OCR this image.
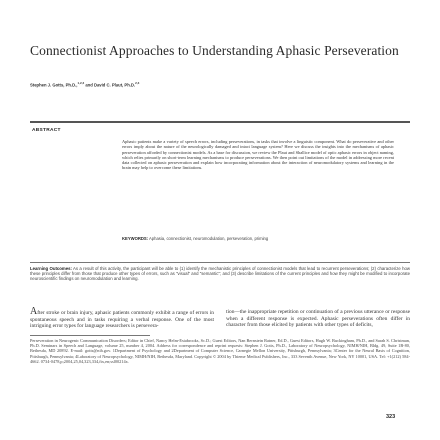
Connectionist Approaches to Understanding Aphasic Perseveration
Stephen J. Gotts, Ph.D.,$^{1,2,3}$ and David C. Plaut, Ph.D.$^{2,3}$
ABSTRACT
Aphasic patients make a variety of speech errors, including perseverations, in tasks that involve a linguistic component. What do perseverative and other errors imply about the nature of the neurologically damaged and intact language system? Here we discuss the insights into the mechanisms of aphasic perseveration afforded by connectionist models. As a base for discussion, we review the Plaut and Shallice model of optic aphasic errors in object naming, which relies primarily on short-term learning mechanisms to produce perseverations. We then point out limitations of the model in addressing more recent data collected on aphasic perseveration and explain how incorporating information about the interaction of neuromodulatory systems and learning in the brain may help to overcome these limitations.
KEYWORDS: Aphasia, connectionist, neuromodulation, perseveration, priming
Learning Outcomes: As a result of this activity, the participant will be able to (1) identify the mechanistic principles of connectionist models that lead to recurrent perseverations; (2) characterize how these principles differ from those that produce other types of errors, such as "visual" and "semantic"; and (3) describe limitations of the current principles and how they might be modified to incorporate neuroscientific findings on neuromodulation and learning.
After stroke or brain injury, aphasic patients commonly exhibit a range of errors in spontaneous speech and in tasks requiring a verbal response. One of the most intriguing error types for language researchers is persevera-
tion—the inappropriate repetition or continuation of a previous utterance or response when a different response is expected. Aphasic perseverations often differ in character from those elicited by patients with other types of deficits,
Perseveration in Neurogenic Communication Disorders; Editor in Chief, Nancy Helm-Estabrooks, Sc.D.; Guest Editors, Nan Bernstein Ratner, Ed.D., Guest Editors, Hugh W. Buckingham, Ph.D., and Sarah S. Christman, Ph.D. Seminars in Speech and Language, volume 25, number 4, 2004. Address for correspondence and reprint requests: Stephen J. Gotts, Ph.D., Laboratory of Neuropsychology, NIMH/NIH, Bldg. 49, Suite 1B-80, Bethesda, MD 20892. E-mail: gotts@nih.gov. 1Department of Psychology and 2Department of Computer Science, Carnegie Mellon University, Pittsburgh, Pennsylvania; 3Center for the Neural Basis of Cognition, Pittsburgh, Pennsylvania; 4Laboratory of Neuropsychology, NIMH/NIH, Bethesda, Maryland. Copyright © 2004 by Thieme Medical Publishers, Inc., 333 Seventh Avenue, New York, NY 10001, USA. Tel: +1(212) 584-4662. 0734-0478,p;2004,25,04,323,334,ftx,en;ssl00214x.
323
